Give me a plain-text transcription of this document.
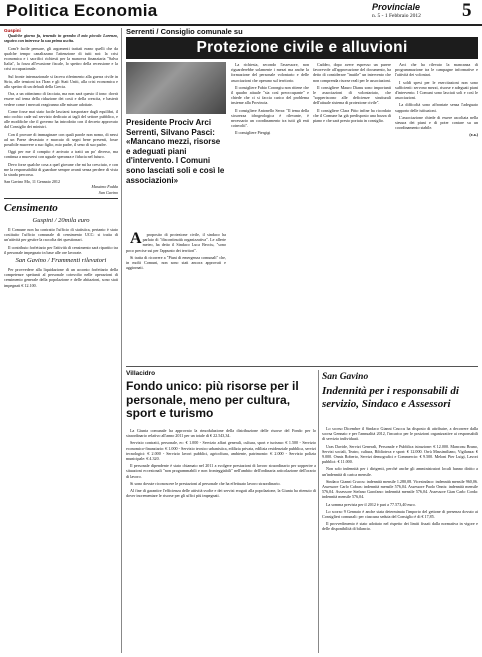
Politica Economia	Provinciale
n. 5 - 1 Febbraio 2012 5
Guspini

Qualche giorno fa, tenendo in grembo il mio piccolo Lorenzo, seguivo con interesse la sua prima uscita.

Com'è facile pensare, gli argomenti trattati erano quelli che da qualche tempo canalizzano l'attenzione di tutti noi: la crisi economica e i sacrifici richiesti per la manovra finanziaria "Salva Italia", la forza all'evasione fiscale, lo spettro della recessione e la crisi occupazionale.

Sul fronte internazionale si faceva riferimento alla guerra civile in Siria, alle tensioni tra l'Iran e gli Stati Uniti, alla crisi economica e allo spettro di un default della Grecia.

Ora, a un ottimismo di facciata, ma non sarà questo il tono: dovrà essere sul tema della riduzione dei costi e della crescita, e basterà vedere come i mercati reagiranno alle misure adottate.

Come fosse mai stato facile lasciarsi trasportare dagli equilibri, il mio occhio cade sul servizio dedicato ai tagli del settore pubblico, e alle modifiche che il governo ha introdotto con il decreto approvato dal Consiglio dei ministri.

Con il provare di immaginare con quali parole non nomo, di nessi ad un Paese devastato e marcato di segni bene presenti, fosse possibile muovere a suo figlio, mio padre, il seno di suo padre.

Oggi per me il compito è arrivato a tratti un po' diverso, ma continua a muoversi con uguale speranza e fiducia nel futuro.

Devo forse qualche cosa a quel giovane che mi ha cresciuto, e con me la responsabilità di guardare sempre avanti senza perdere di vista la strada percorsa.

San Gavino Mo, 11 Gennaio 2012
Massimo Fadda
San Gavino
Censimento
Guspini / 20mila euro

Il Comune non ha contratto l'ufficio di statistica, pertanto è stato costituito l'ufficio comunale di censimento UCC: si tratta di un'attività per gestire la raccolta dei questionari.

Il contributo forfettario per l'attività di censimento sarà ripartito tra il personale impegnato in base alle ore lavorate.

San Gavino / Frammenti rilevatori

Per provvedere alla liquidazione di un acconto forfettario della competenze spettanti al personale coinvolto nelle operazioni di censimento generale della popolazione e delle abitazioni, sono stati impegnati € 12.100.

Serrenti / Consiglio comunale su
Protezione civile e alluvioni
Presidente Prociv Arci Serrenti, Silvano Pasci: «Mancano mezzi, risorse e adeguati piani d'intervento. I Comuni sono lasciati soli e così le associazioni»

Aproposito di protezione civile, il sindaco ha parlato di "discontinuità organizzativa". Le allerte meteo, ha detto il Sindaco Luca Becciu, "sono poco precise sui per l'appunto dei territori".

Si tratta di ricorrere a "Piani di emergenza comunali" che, in molti Comuni, non sono stati ancora approvati e aggiornati.

La richiesta, secondo l'assessore, non riguarderebbe solamente i mezzi ma anche la formazione del personale volontario e delle associazioni che operano sul territorio.

Il consigliere Fabio Corongiu non ritiene che il quadro attuale "sia così preoccupante" e chiede che ci si faccia carico del problema insieme alla Provincia.

Il consigliere Antonello Serra: "Il tema della sicurezza idrogeologica è rilevante, è necessario un coordinamento tra tutti gli enti coinvolti".

Il consigliere Piergigi

Caddeo, dopo avere espresso un parere favorevole all'approvazione del documento, ha detto di considerare "inutile" un intervento che non comprenda risorse reali per le associazioni.

Il consigliere Mauro Dianu sono importanti le associazioni di volontariato, che "sopperiscono alle deficienze strutturali dell'attuale sistema di protezione civile".

Il consigliere Clara Pitto infine ha ricordato che il Comune ha già predisposto una bozza di piano e che sarà presto portata in consiglio.

Arci che ha rilevato la mancanza di programmazione tra le campagne informative e l'attività dei volontari.

I soldi spesi per le esercitazioni non sono sufficienti: servono mezzi, risorse e adeguati piani d'intervento. I Comuni sono lasciati soli e così le associazioni.

La difficoltà sono affrontate senza l'adeguato supporto delle istituzioni.

L'associazione chiede di essere ascoltata nella stesura dei piani e di poter contare su un coordinamento stabile.

(e.a.)

Villacidro
Fondo unico: più risorse per il personale, meno per cultura, sport e turismo

La Giunta comunale ha approvato la rimodulazione della distribuzione delle risorse del Fondo per lo straordinario relativo all'anno 2011 per un totale di € 22.543,34.

Servizio contratti, personale, ec: € 1.000 - Servizio affari generali, cultura, sport e turismo: € 1.500 - Servizio economico-finanziario: € 1.000 - Servizio tecnico urbanistica, edilizia privata, edilizia residenziale pubblica, servizi tecnologici: € 2.000 - Servizio lavori pubblici, agricoltura, ambiente, patrimonio: € 2.000 - Servizio polizia municipale: € 4.320.

Il personale dipendente è stato chiamato nel 2011 a svolgere prestazioni di lavoro straordinario per sopperire a situazioni eccezionali "non programmabili e non fronteggiabili" nell'ambito dell'ordinaria articolazione dell'orario di lavoro.

Si sono dovute riconoscere le prestazioni al personale che ha effettuato lavoro straordinario.

Al fine di garantire l'efficienza delle attività svolte e dei servizi erogati alla popolazione, la Giunta ha ritenuto di dover incrementare le risorse per gli uffici più impegnati.

San Gavino
Indennità per i responsabili di servizio, Sindaco e Assessori

Lo scorso Dicembre il Sindaco Gianni Cruccu ha disposto di attribuire, a decorrere dalla scorsa Gennaio e per l'annualità 2012, l'incarico per le posizioni organizzative ai responsabili di servizio individuati.

Uras Davide, Servizi Generali, Personale e Pubblica istruzione: € 12.000. Mancosu Bruno, Servizi sociali, Teatro, cultura, Biblioteca e sport: € 12.000. Orrù Massimiliano, Vigilanza: € 9.000. Onnis Roberto, Servizi demografici e Commercio: € 9.500. Meloni Pier Luigi, Lavori pubblici: € 11.000.

Non solo indennità per i dirigenti, perché anche gli amministratori locali hanno diritto a un'indennità di carica mensile.

Sindaco Gianni Cruccu: indennità mensile 1.280,08. Vicesindaco: indennità mensile 960,06. Assessore Carlo Cabras: indennità mensile 576,04. Assessore Paolo Onnis: indennità mensile 576,04. Assessore Stefano Garofano: indennità mensile 576,04. Assessore Gian Carlo Corda: indennità mensile 576,04.

La somma prevista per il 2012 è pari a 77.573,40 euro.

Lo scorso 9 Gennaio è anche stata determinata l'importo del gettone di presenza dovuto ai Consiglieri comunali: per ciascuna seduta del Consiglio è di € 17,85.

Il provvedimento è stato adottato nel rispetto dei limiti fissati dalla normativa in vigore e delle disponibilità di bilancio.
